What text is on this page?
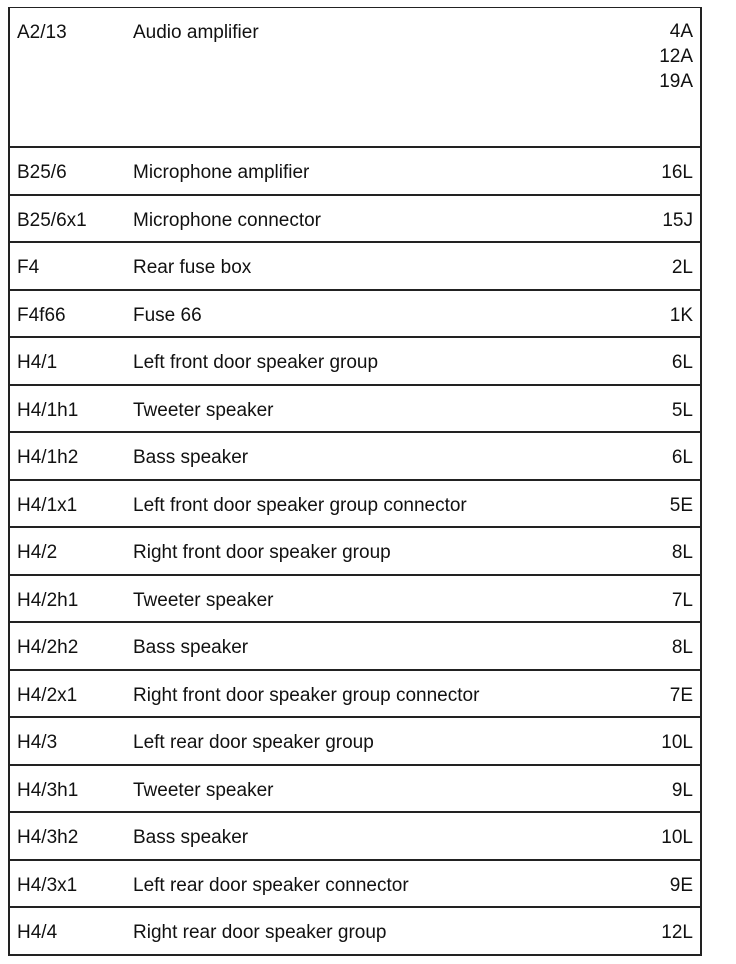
A2/13	Audio amplifier	4A
12A
19A
B25/6	Microphone amplifier	16L
B25/6x1 Microphone connector	15J
F4	Rear fuse box	2L
F4f66	Fuse 66	1K
H4/1	Left front door speaker group	6L
H4/1h1	Tweeter speaker	5L
H4/1h2	Bass speaker	6L
H4/1x1	Left front door speaker group connector	5E
H4/2	Right front door speaker group	8L
H4/2h1	Tweeter speaker	7L
H4/2h2	Bass speaker	8L
H4/2x1	Right front door speaker group connector	7E
H4/3	Left rear door speaker group	10L
H4/3h1	Tweeter speaker	9L
H4/3h2	Bass speaker	10L
H4/3x1	Left rear door speaker connector	9E
H4/4	Right rear door speaker group	12L
